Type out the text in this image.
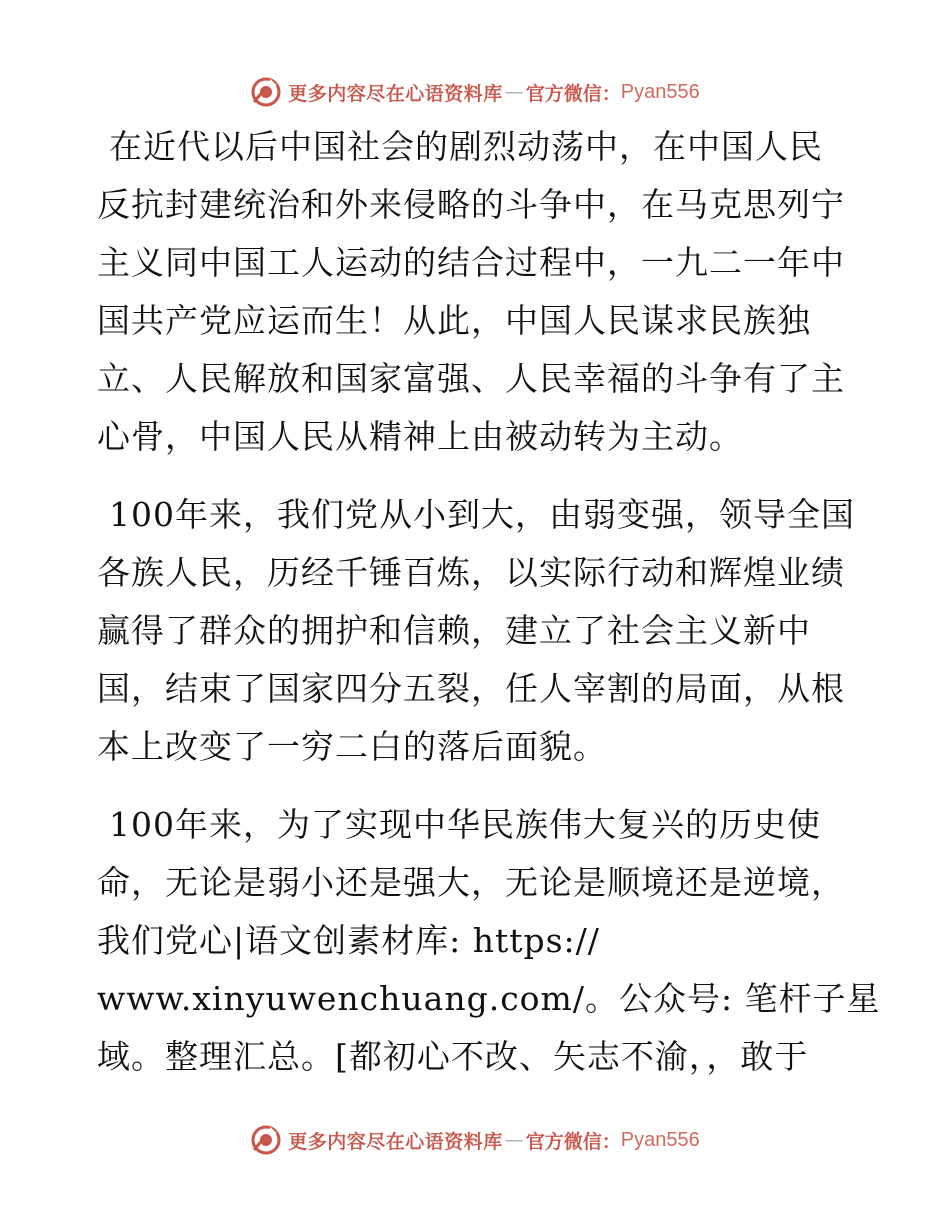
更多内容尽在心语资料库 — 官方微信： Pyan556
在近代以后中国社会的剧烈动荡中，在中国人民
反抗封建统治和外来侵略的斗争中，在马克思列宁
主义同中国工人运动的结合过程中，一九二一年中
国共产党应运而生！从此，中国人民谋求民族独
立、人民解放和国家富强、人民幸福的斗争有了主
心骨，中国人民从精神上由被动转为主动。
100年来，我们党从小到大，由弱变强，领导全国
各族人民，历经千锤百炼，以实际行动和辉煌业绩
赢得了群众的拥护和信赖，建立了社会主义新中
国，结束了国家四分五裂，任人宰割的局面，从根
本上改变了一穷二白的落后面貌。
100年来，为了实现中华民族伟大复兴的历史使
命，无论是弱小还是强大，无论是顺境还是逆境，
我们党心|语文创素材库: https://
www.xinyuwenchuang.com/。公众号: 笔杆子星
域。整理汇总。[都初心不改、矢志不渝，，敢于
更多内容尽在心语资料库 — 官方微信： Pyan556
